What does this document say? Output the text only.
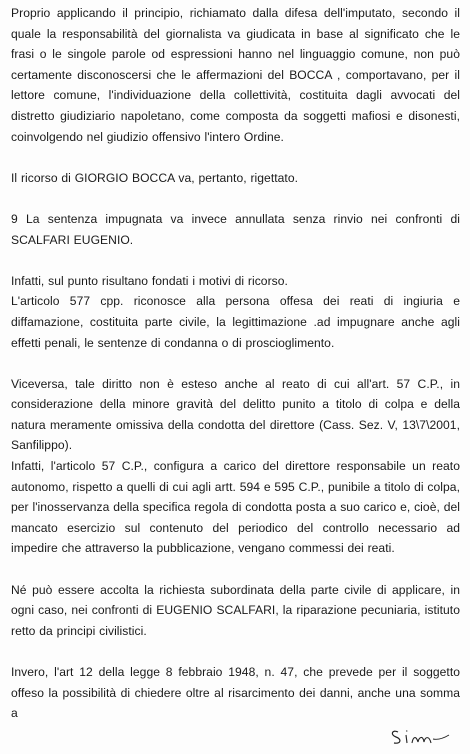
Proprio applicando il principio, richiamato dalla difesa dell'imputato, secondo il quale la responsabilità del giornalista va giudicata in base al significato che le frasi o le singole parole od espressioni hanno nel linguaggio comune, non può certamente disconoscersi che le affermazioni del BOCCA , comportavano, per il lettore comune, l'individuazione della collettività, costituita dagli avvocati del distretto giudiziario napoletano, come composta da soggetti mafiosi e disonesti, coinvolgendo nel giudizio offensivo l'intero Ordine.

Il ricorso di GIORGIO BOCCA va, pertanto, rigettato.

9 La sentenza impugnata va invece annullata senza rinvio nei confronti di SCALFARI EUGENIO.

Infatti, sul punto risultano fondati i motivi di ricorso.

L'articolo 577 cpp. riconosce alla persona offesa dei reati di ingiuria e diffamazione, costituita parte civile, la legittimazione .ad impugnare anche agli effetti penali, le sentenze di condanna o di proscioglimento.

Viceversa, tale diritto non è esteso anche al reato di cui all'art. 57 C.P., in considerazione della minore gravità del delitto punito a titolo di colpa e della natura meramente omissiva della condotta del direttore (Cass. Sez. V, 13\7\2001, Sanfilippo).

Infatti, l'articolo 57 C.P., configura a carico del direttore responsabile un reato autonomo, rispetto a quelli di cui agli artt. 594 e 595 C.P., punibile a titolo di colpa, per l'inosservanza della specifica regola di condotta posta a suo carico e, cioè, del mancato esercizio sul contenuto del periodico del controllo necessario ad impedire che attraverso la pubblicazione, vengano commessi dei reati.

Né può essere accolta la richiesta subordinata della parte civile di applicare, in ogni caso, nei confronti di EUGENIO SCALFARI, la riparazione pecuniaria, istituto retto da principi civilistici.

Invero, l'art 12 della legge 8 febbraio 1948, n. 47, che prevede per il soggetto offeso la possibilità di chiedere oltre al risarcimento dei danni, anche una somma a
